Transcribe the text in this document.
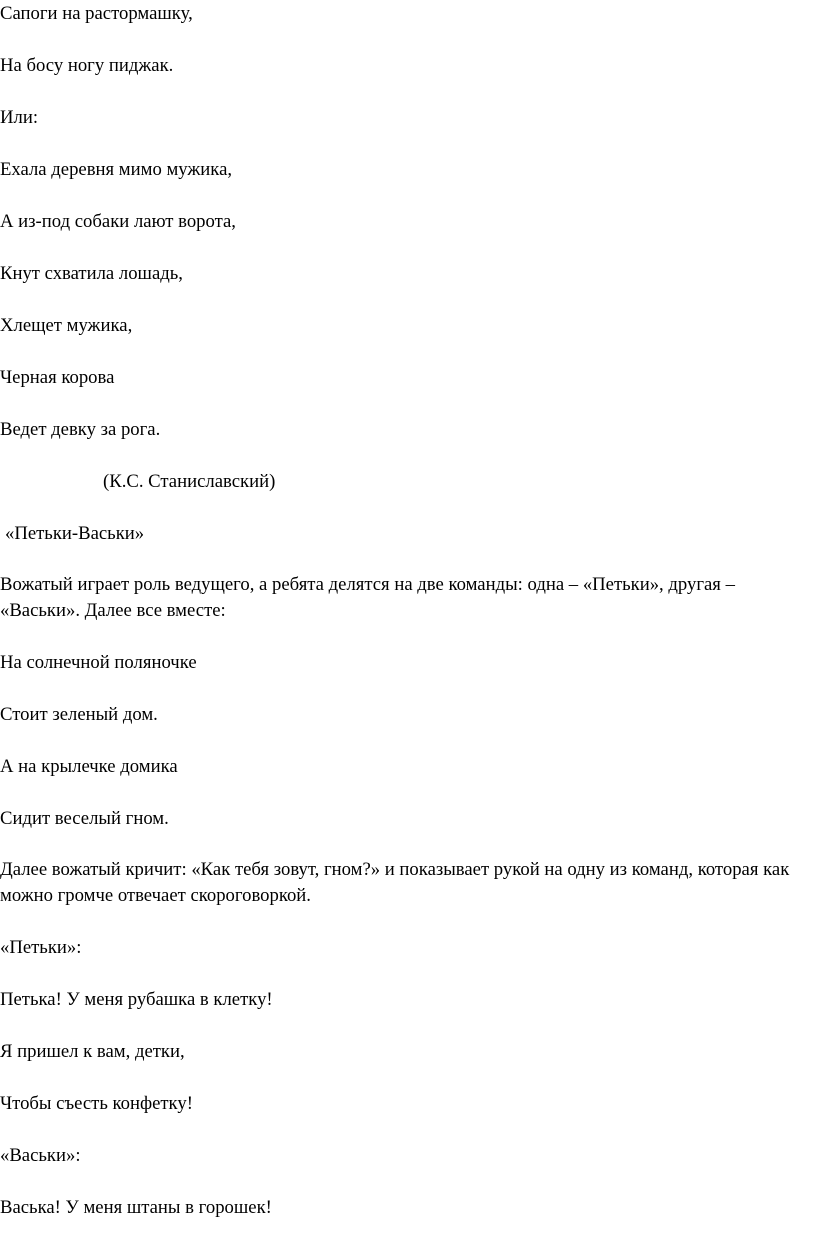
Сапоги на растормашку,

На босу ногу пиджак.

Или:

Ехала деревня мимо мужика,

А из-под собаки лают ворота,

Кнут схватила лошадь,

Хлещет мужика,

Черная корова

Ведет девку за рога.

(К.С. Станиславский)

«Петьки-Васьки»

Вожатый играет роль ведущего, а ребята делятся на две команды: одна – «Петьки», другая – «Васьки». Далее все вместе:

На солнечной поляночке

Стоит зеленый дом.

А на крылечке домика

Сидит веселый гном.

Далее вожатый кричит: «Как тебя зовут, гном?» и показывает рукой на одну из команд, которая как можно громче отвечает скороговоркой.

«Петьки»:

Петька! У меня рубашка в клетку!

Я пришел к вам, детки,

Чтобы съесть конфетку!

«Васьки»:

Васька! У меня штаны в горошек!
